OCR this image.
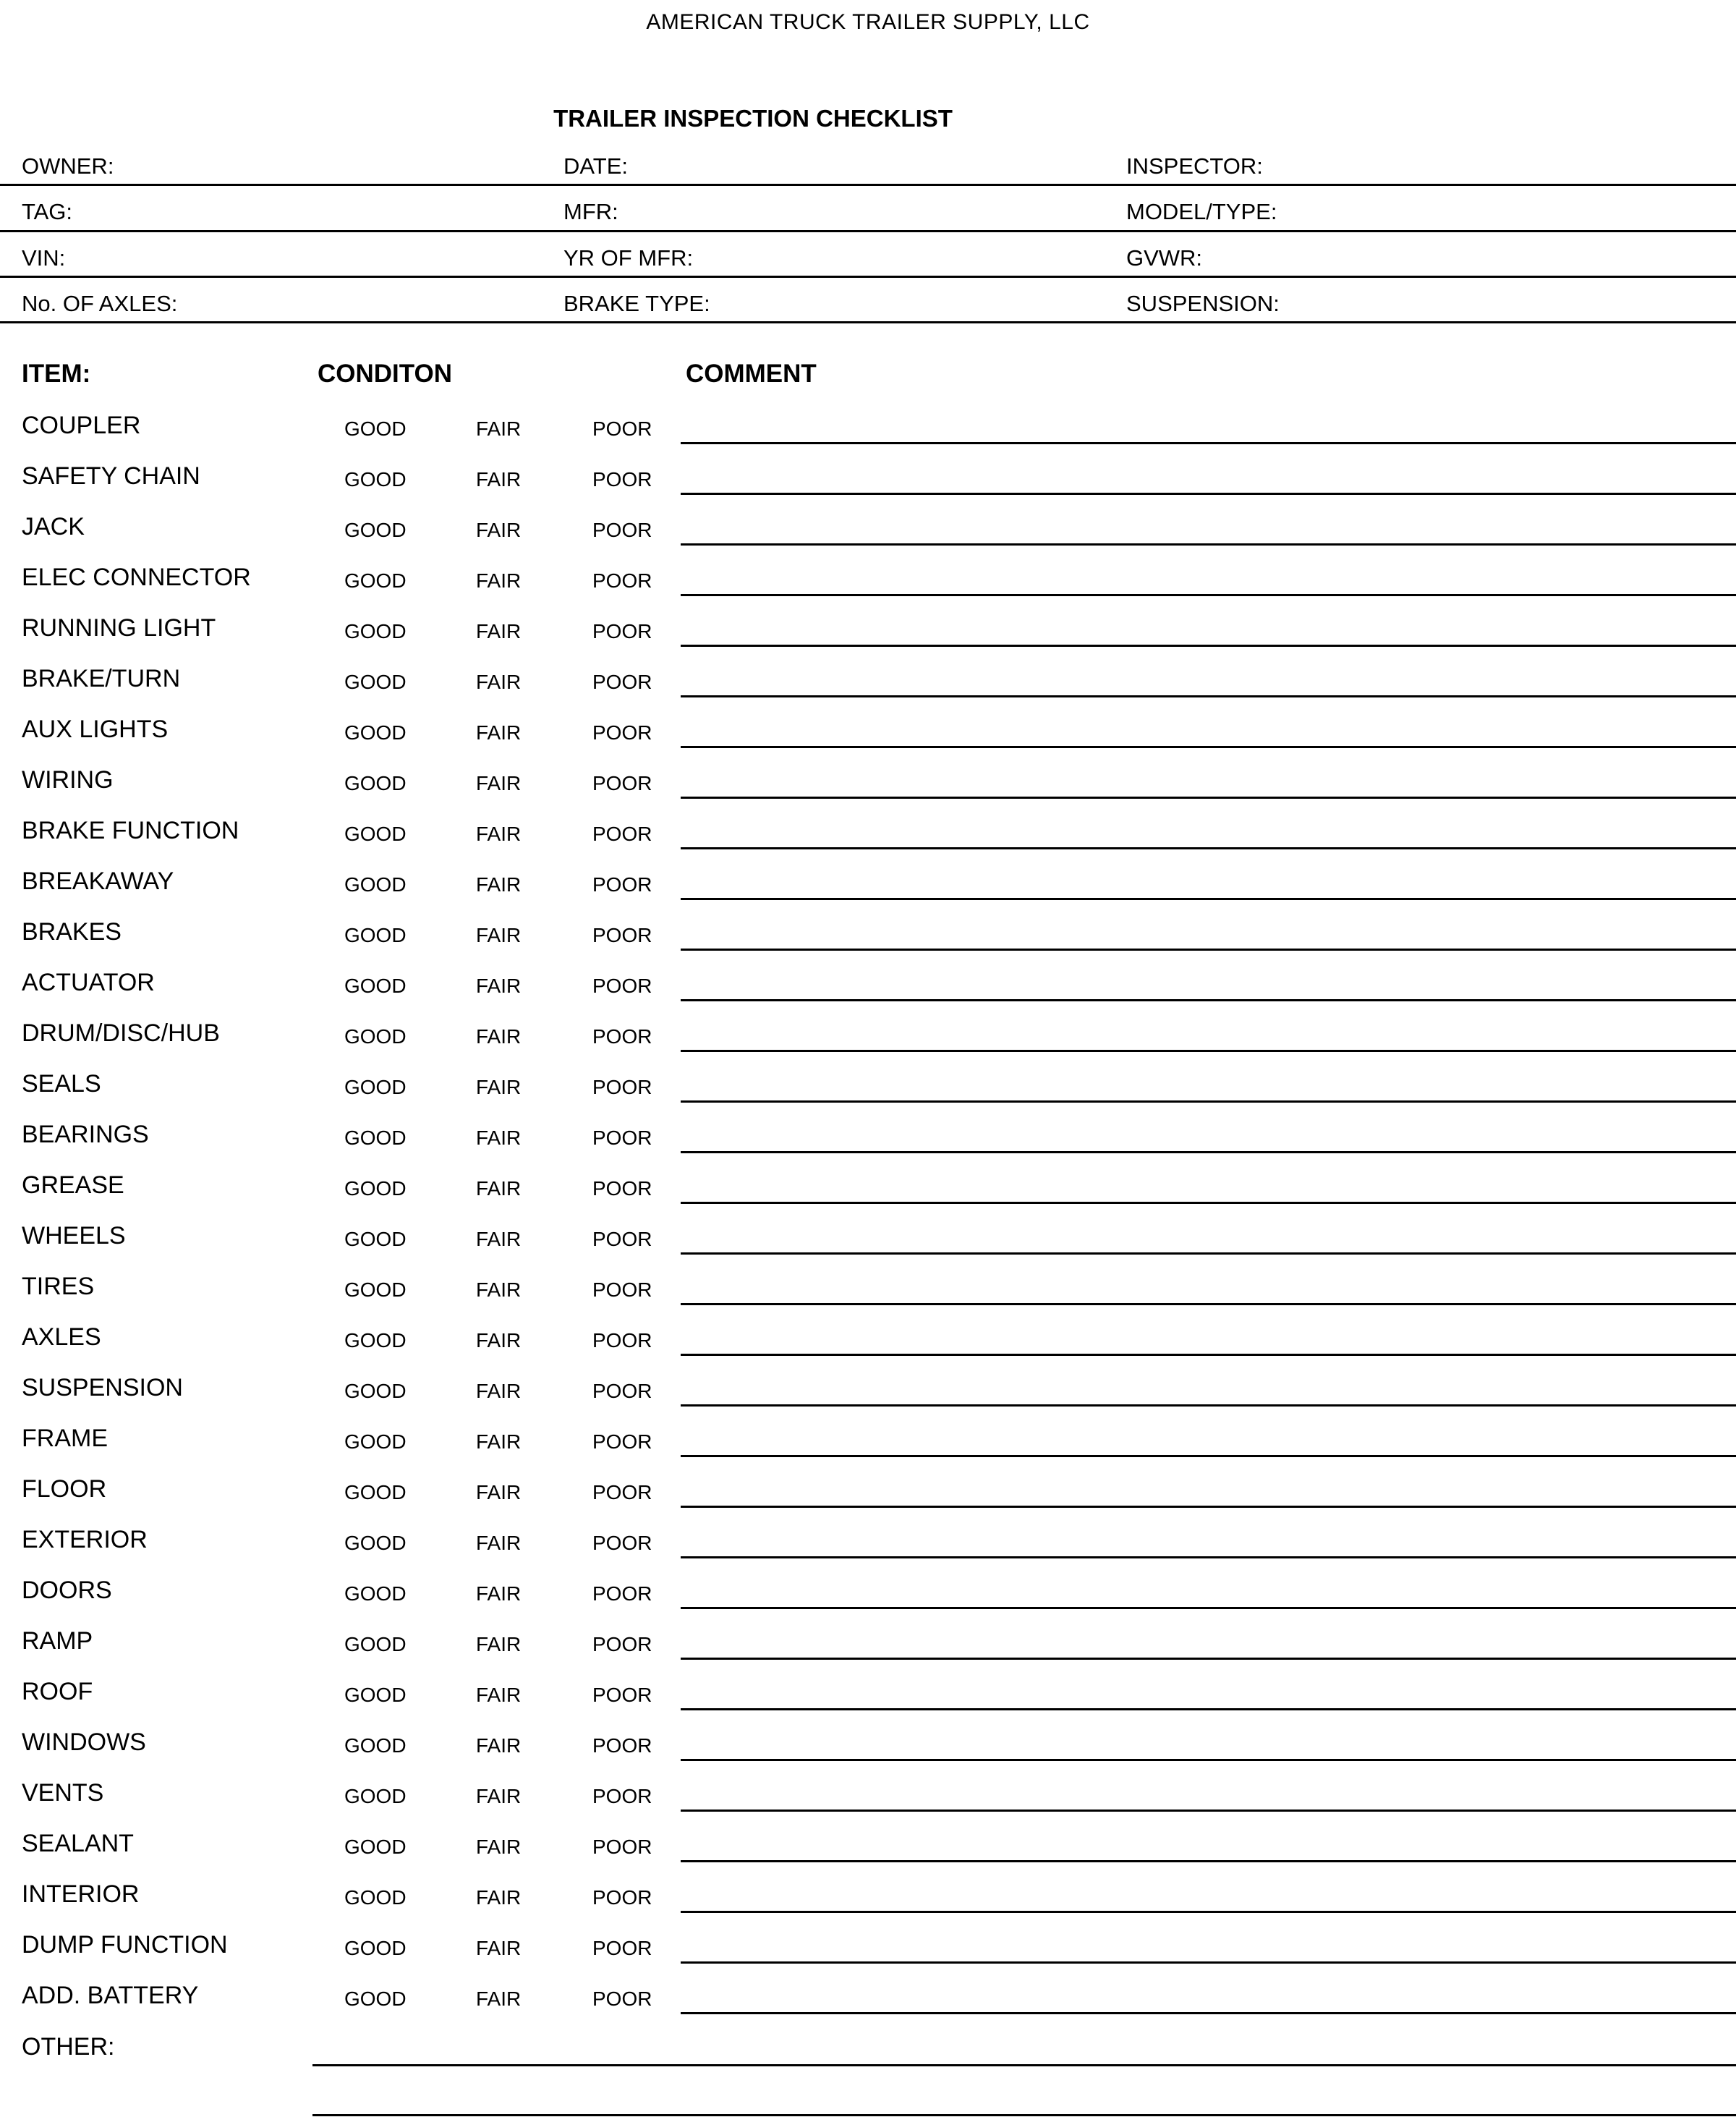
AMERICAN TRUCK TRAILER SUPPLY, LLC
TRAILER INSPECTION CHECKLIST
OWNER:	DATE:	INSPECTOR:
TAG:	MFR:	MODEL/TYPE:
VIN:	YR OF MFR:	GVWR:
No. OF AXLES:	BRAKE TYPE:	SUSPENSION:
ITEM:	CONDITON	COMMENT
COUPLER	GOOD	FAIR	POOR
SAFETY CHAIN	GOOD	FAIR	POOR
JACK	GOOD	FAIR	POOR
ELEC CONNECTOR	GOOD	FAIR	POOR
RUNNING LIGHT	GOOD	FAIR	POOR
BRAKE/TURN	GOOD	FAIR	POOR
AUX LIGHTS	GOOD	FAIR	POOR
WIRING	GOOD	FAIR	POOR
BRAKE FUNCTION	GOOD	FAIR	POOR
BREAKAWAY	GOOD	FAIR	POOR
BRAKES	GOOD	FAIR	POOR
ACTUATOR	GOOD	FAIR	POOR
DRUM/DISC/HUB	GOOD	FAIR	POOR
SEALS	GOOD	FAIR	POOR
BEARINGS	GOOD	FAIR	POOR
GREASE	GOOD	FAIR	POOR
WHEELS	GOOD	FAIR	POOR
TIRES	GOOD	FAIR	POOR
AXLES	GOOD	FAIR	POOR
SUSPENSION	GOOD	FAIR	POOR
FRAME	GOOD	FAIR	POOR
FLOOR	GOOD	FAIR	POOR
EXTERIOR	GOOD	FAIR	POOR
DOORS	GOOD	FAIR	POOR
RAMP	GOOD	FAIR	POOR
ROOF	GOOD	FAIR	POOR
WINDOWS	GOOD	FAIR	POOR
VENTS	GOOD	FAIR	POOR
SEALANT	GOOD	FAIR	POOR
INTERIOR	GOOD	FAIR	POOR
DUMP FUNCTION	GOOD	FAIR	POOR
ADD. BATTERY	GOOD	FAIR	POOR
OTHER:
